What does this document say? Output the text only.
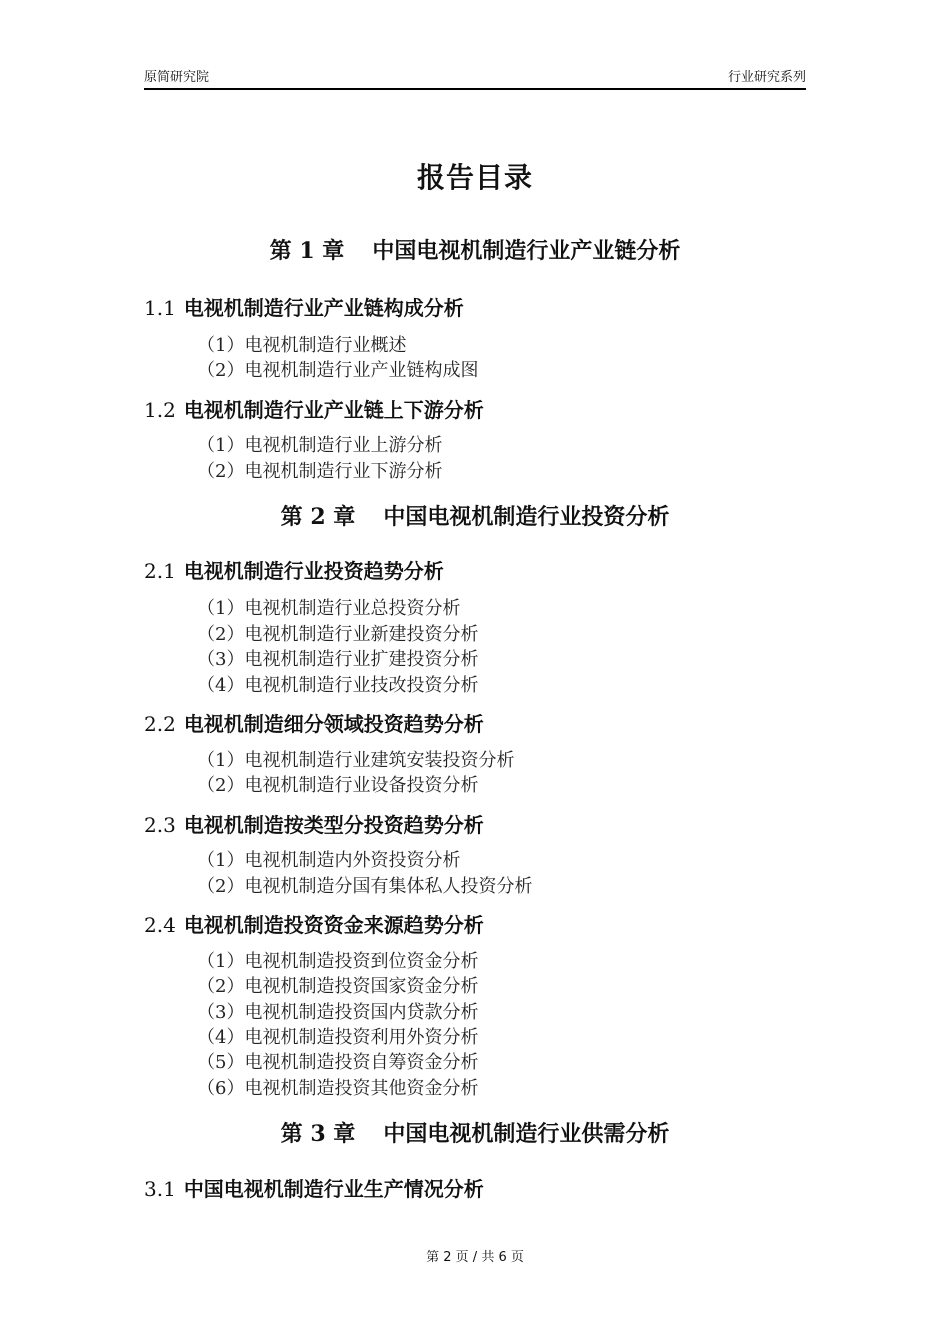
原简研究院	行业研究系列
报告目录
第 1 章 中国电视机制造行业产业链分析
1.1 电视机制造行业产业链构成分析
（1）电视机制造行业概述
（2）电视机制造行业产业链构成图
1.2 电视机制造行业产业链上下游分析
（1）电视机制造行业上游分析
（2）电视机制造行业下游分析
第 2 章 中国电视机制造行业投资分析
2.1 电视机制造行业投资趋势分析
（1）电视机制造行业总投资分析
（2）电视机制造行业新建投资分析
（3）电视机制造行业扩建投资分析
（4）电视机制造行业技改投资分析
2.2 电视机制造细分领域投资趋势分析
（1）电视机制造行业建筑安装投资分析
（2）电视机制造行业设备投资分析
2.3 电视机制造按类型分投资趋势分析
（1）电视机制造内外资投资分析
（2）电视机制造分国有集体私人投资分析
2.4 电视机制造投资资金来源趋势分析
（1）电视机制造投资到位资金分析
（2）电视机制造投资国家资金分析
（3）电视机制造投资国内贷款分析
（4）电视机制造投资利用外资分析
（5）电视机制造投资自筹资金分析
（6）电视机制造投资其他资金分析
第 3 章 中国电视机制造行业供需分析
3.1 中国电视机制造行业生产情况分析
第 2 页 / 共 6 页
